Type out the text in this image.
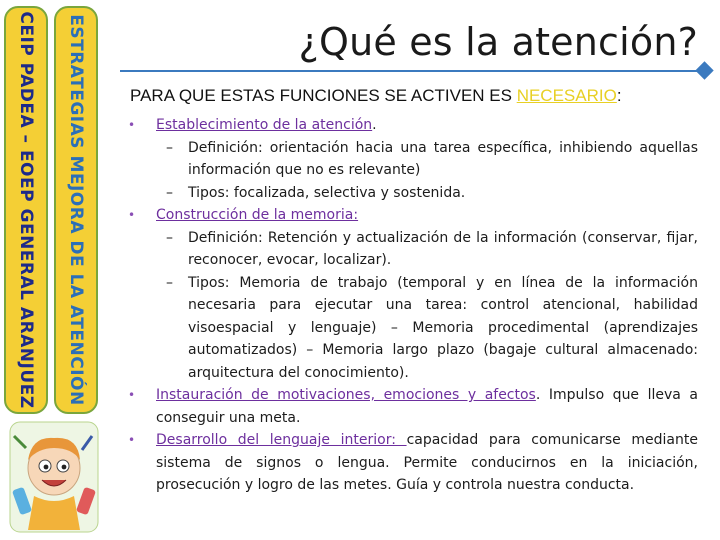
CEIP PADEA – EOEP GENERAL ARANJUEZ ESTRATEGIAS MEJORA DE LA ATENCIÓN	¿Qué es la atención?
PARA QUE ESTAS FUNCIONES SE ACTIVEN ES NECESARIO:

• Establecimiento de la atención.

– Definición: orientación hacia una tarea específica, inhibiendo aquellas información que no es relevante)

– Tipos: focalizada, selectiva y sostenida.

• Construcción de la memoria:

– Definición: Retención y actualización de la información (conservar, fijar, reconocer, evocar, localizar).

– Tipos: Memoria de trabajo (temporal y en línea de la información necesaria para ejecutar una tarea: control atencional, habilidad visoespacial y lenguaje) – Memoria procedimental (aprendizajes automatizados) – Memoria largo plazo (bagaje cultural almacenado: arquitectura del conocimiento).

• Instauración de motivaciones, emociones y afectos. Impulso que lleva a conseguir una meta.

• Desarrollo del lenguaje interior: capacidad para comunicarse mediante sistema de signos o lengua. Permite conducirnos en la iniciación, prosecución y logro de las metes. Guía y controla nuestra conducta.
